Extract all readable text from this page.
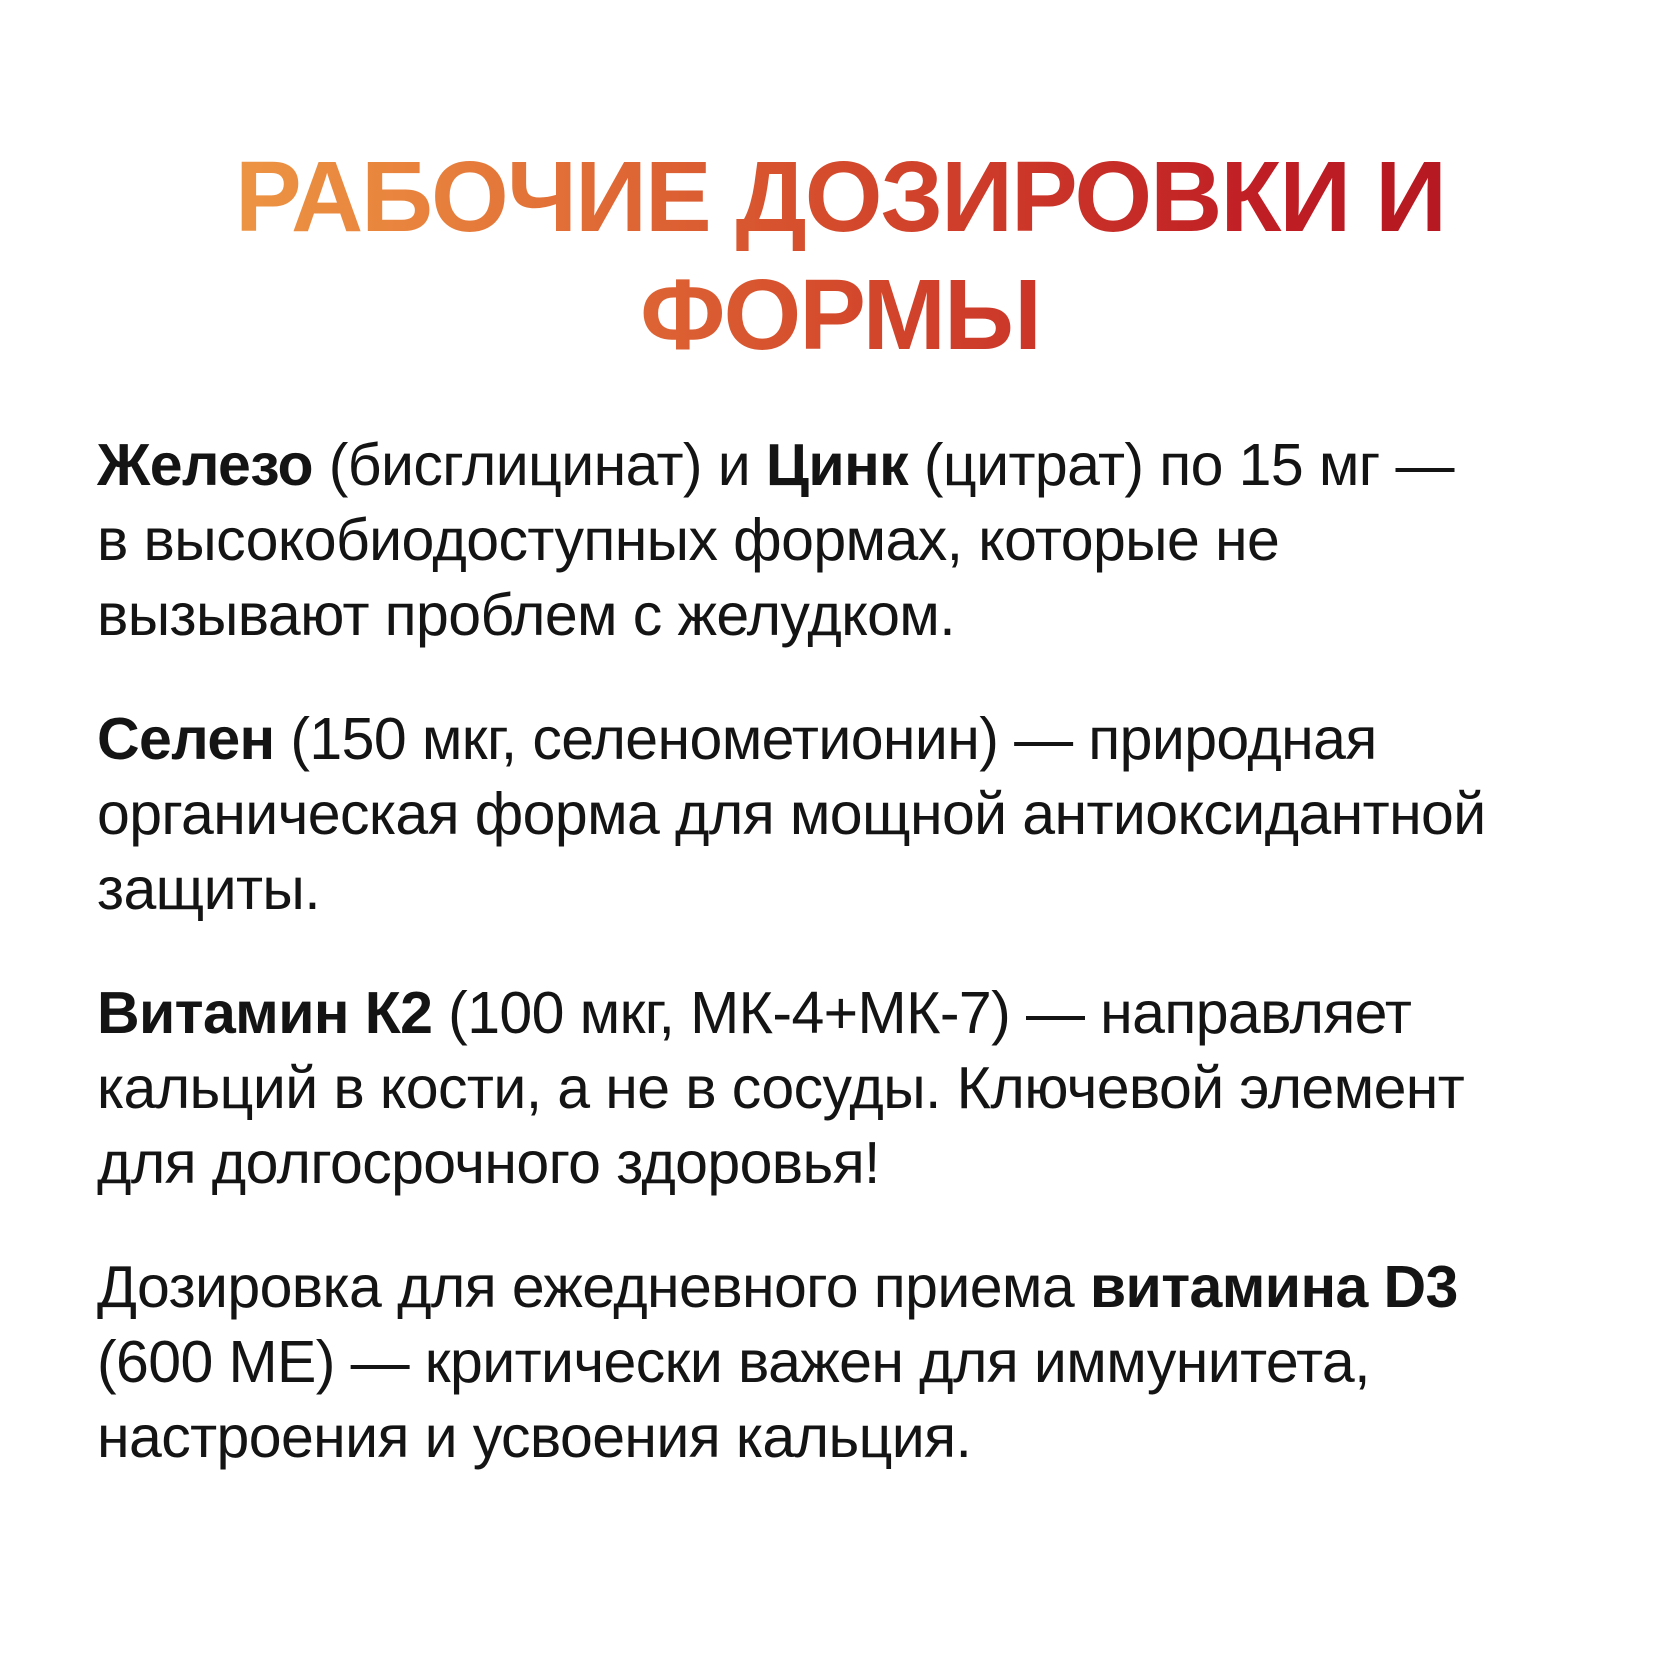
РАБОЧИЕ ДОЗИРОВКИ И
ФОРМЫ

Железо (бисглицинат) и Цинк (цитрат) по 15 мг —
в высокобиодоступных формах, которые не
вызывают проблем с желудком.

Селен (150 мкг, селенометионин) — природная
органическая форма для мощной антиоксидантной
защиты.

Витамин К2 (100 мкг, МК-4+МК-7) — направляет
кальций в кости, а не в сосуды. Ключевой элемент
для долгосрочного здоровья!

Дозировка для ежедневного приема витамина D3
(600 МЕ) — критически важен для иммунитета,
настроения и усвоения кальция.
